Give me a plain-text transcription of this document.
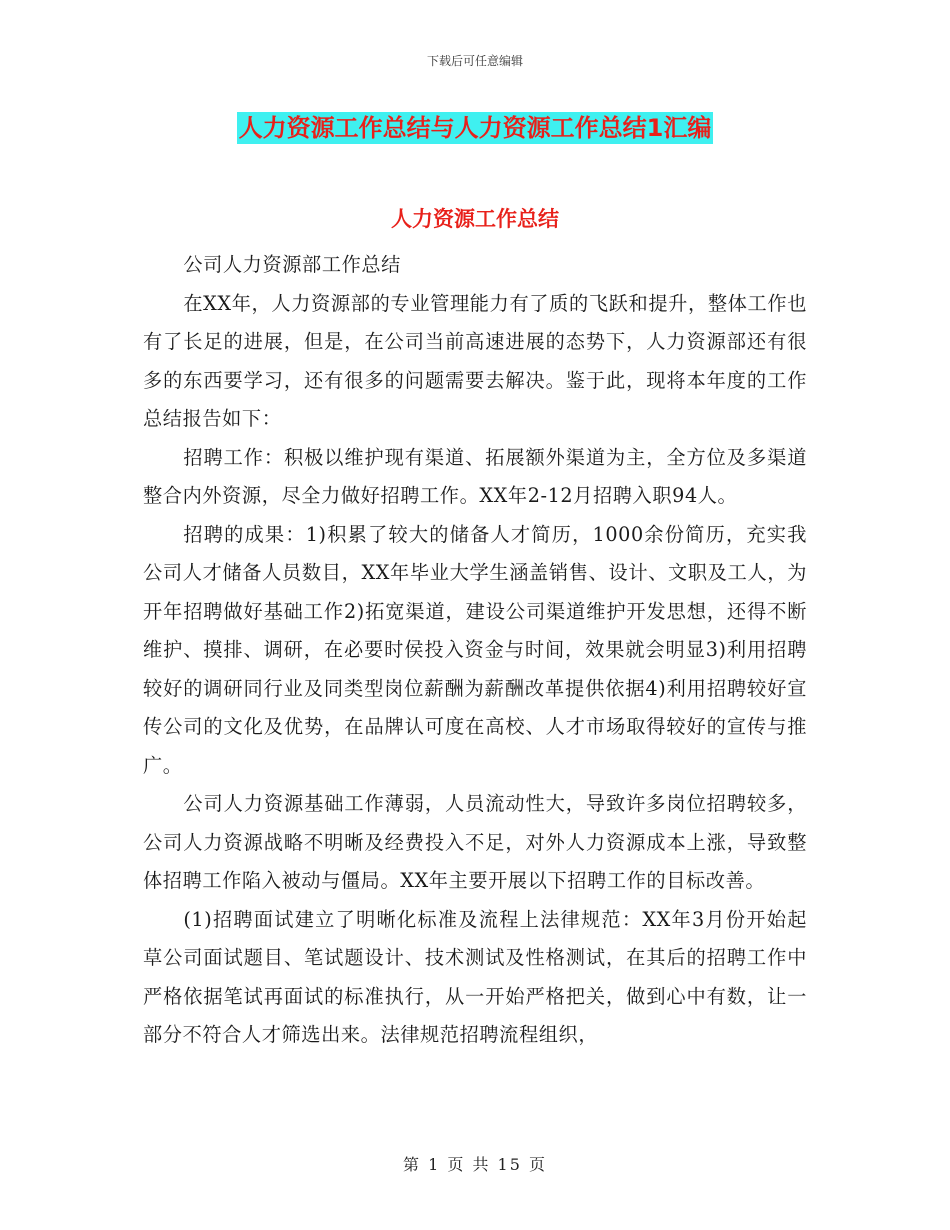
下载后可任意编辑
人力资源工作总结与人力资源工作总结1汇编
人力资源工作总结

公司人力资源部工作总结

在XX年，人力资源部的专业管理能力有了质的飞跃和提升，整体工作也有了长足的进展，但是，在公司当前高速进展的态势下，人力资源部还有很多的东西要学习，还有很多的问题需要去解决。鉴于此，现将本年度的工作总结报告如下：

招聘工作：积极以维护现有渠道、拓展额外渠道为主，全方位及多渠道整合内外资源，尽全力做好招聘工作。XX年2-12月招聘入职94人。

招聘的成果：1)积累了较大的储备人才简历，1000余份简历，充实我公司人才储备人员数目，XX年毕业大学生涵盖销售、设计、文职及工人，为开年招聘做好基础工作2)拓宽渠道，建设公司渠道维护开发思想，还得不断维护、摸排、调研，在必要时侯投入资金与时间，效果就会明显3)利用招聘较好的调研同行业及同类型岗位薪酬为薪酬改革提供依据4)利用招聘较好宣传公司的文化及优势，在品牌认可度在高校、人才市场取得较好的宣传与推广。

公司人力资源基础工作薄弱，人员流动性大，导致许多岗位招聘较多，公司人力资源战略不明晰及经费投入不足，对外人力资源成本上涨，导致整体招聘工作陷入被动与僵局。XX年主要开展以下招聘工作的目标改善。

(1)招聘面试建立了明晰化标准及流程上法律规范：XX年3月份开始起草公司面试题目、笔试题设计、技术测试及性格测试，在其后的招聘工作中严格依据笔试再面试的标准执行，从一开始严格把关，做到心中有数，让一部分不符合人才筛选出来。法律规范招聘流程组织，

第 1 页 共 15 页
